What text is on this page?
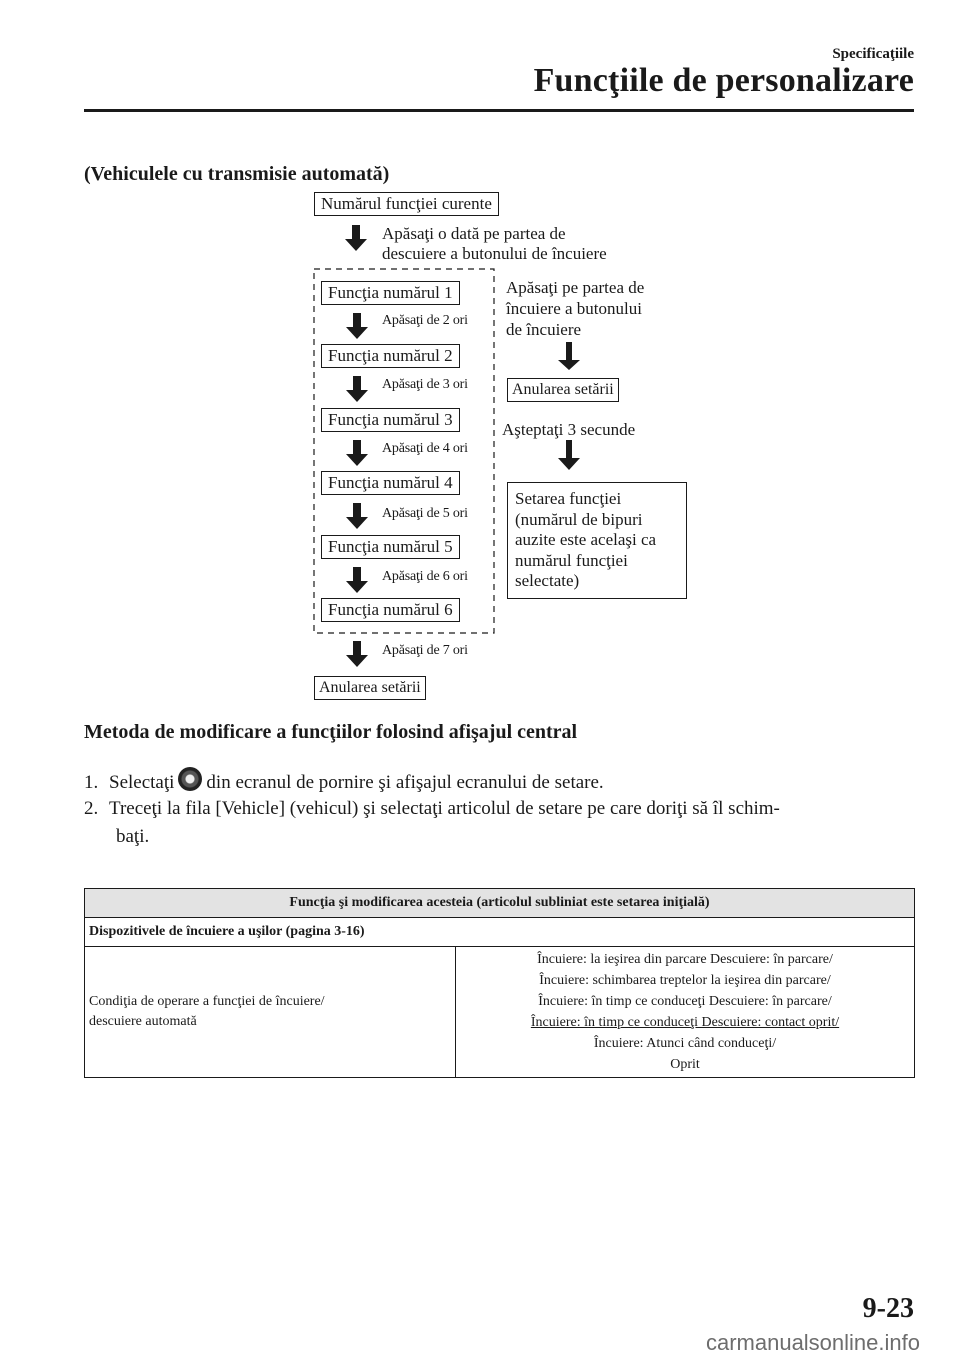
Specificaţiile
Funcţiile de personalizare
(Vehiculele cu transmisie automată)
Numărul funcţiei curente
Apăsaţi o dată pe partea de
descuiere a butonului de încuiere
Funcţia numărul 1
Apăsaţi de 2 ori
Funcţia numărul 2
Apăsaţi de 3 ori
Funcţia numărul 3
Apăsaţi de 4 ori
Funcţia numărul 4
Apăsaţi de 5 ori
Funcţia numărul 5
Apăsaţi de 6 ori
Funcţia numărul 6
Apăsaţi de 7 ori
Anularea setării
Apăsaţi pe partea de
încuiere a butonului
de încuiere
Anularea setării
Aşteptaţi 3 secunde
Setarea funcţiei
(numărul de bipuri
auzite este acelaşi ca
numărul funcţiei
selectate)
Metoda de modificare a funcţiilor folosind afişajul central
1. Selectaţi din ecranul de pornire şi afişajul ecranului de setare.
2. Treceţi la fila [Vehicle] (vehicul) şi selectaţi articolul de setare pe care doriţi să îl schim-
baţi.
Funcţia şi modificarea acesteia (articolul subliniat este setarea iniţială)
Dispozitivele de încuiere a uşilor (pagina 3-16)

Condiţia de operare a funcţiei de încuiere/
descuiere automată

Încuiere: la ieşirea din parcare Descuiere: în parcare/
Încuiere: schimbarea treptelor la ieşirea din parcare/
Încuiere: în timp ce conduceţi Descuiere: în parcare/
Încuiere: în timp ce conduceţi Descuiere: contact oprit/
Încuiere: Atunci când conduceţi/
Oprit
9-23
carmanualsonline.info
